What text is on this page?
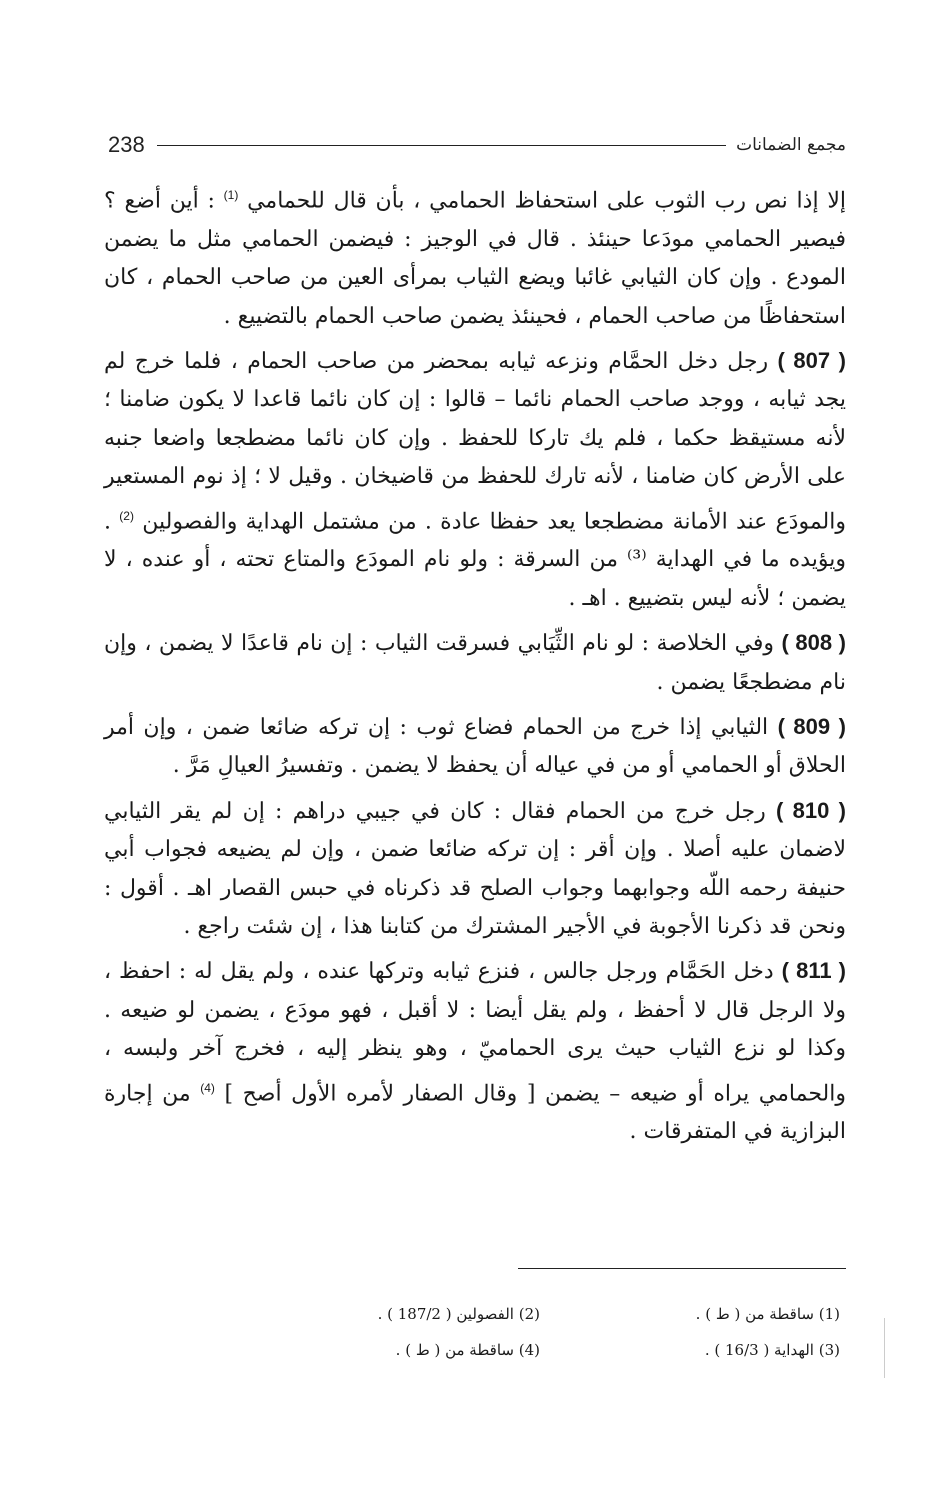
238	مجمع الضمانات

إلا إذا نص رب الثوب على استحفاظ الحمامي ، بأن قال للحمامي $^{(1)}$ : أين أضع ؟ فيصير الحمامي مودَعا حينئذ . قال في الوجيز : فيضمن الحمامي مثل ما يضمن المودع . وإن كان الثيابي غائبا ويضع الثياب بمرأى العين من صاحب الحمام ، كان استحفاظًا من صاحب الحمام ، فحينئذ يضمن صاحب الحمام بالتضييع .

( 807 ) رجل دخل الحمَّام ونزعه ثيابه بمحضر من صاحب الحمام ، فلما خرج لم يجد ثيابه ، ووجد صاحب الحمام نائما – قالوا : إن كان نائما قاعدا لا يكون ضامنا ؛ لأنه مستيقظ حكما ، فلم يك تاركا للحفظ . وإن كان نائما مضطجعا واضعا جنبه على الأرض كان ضامنا ، لأنه تارك للحفظ من قاضيخان . وقيل لا ؛ إذ نوم المستعير والمودَع عند الأمانة مضطجعا يعد حفظا عادة . من مشتمل الهداية والفصولين $^{(2)}$ . ويؤيده ما في الهداية ⁽³⁾ من السرقة : ولو نام المودَع والمتاع تحته ، أو عنده ، لا يضمن ؛ لأنه ليس بتضييع . اهـ .

( 808 ) وفي الخلاصة : لو نام الثِّيَابي فسرقت الثياب : إن نام قاعدًا لا يضمن ، وإن نام مضطجعًا يضمن .

( 809 ) الثيابي إذا خرج من الحمام فضاع ثوب : إن تركه ضائعا ضمن ، وإن أمر الحلاق أو الحمامي أو من في عياله أن يحفظ لا يضمن . وتفسيرُ العيالِ مَرَّ .

( 810 ) رجل خرج من الحمام فقال : كان في جيبي دراهم : إن لم يقر الثيابي لاضمان عليه أصلا . وإن أقر : إن تركه ضائعا ضمن ، وإن لم يضيعه فجواب أبي حنيفة رحمه اللّه وجوابهما وجواب الصلح قد ذكرناه في حبس القصار اهـ . أقول : ونحن قد ذكرنا الأجوبة في الأجير المشترك من كتابنا هذا ، إن شئت راجع .

( 811 ) دخل الحَمَّام ورجل جالس ، فنزع ثيابه وتركها عنده ، ولم يقل له : احفظ ، ولا الرجل قال لا أحفظ ، ولم يقل أيضا : لا أقبل ، فهو مودَع ، يضمن لو ضيعه . وكذا لو نزع الثياب حيث يرى الحماميّ ، وهو ينظر إليه ، فخرج آخر ولبسه ، والحمامي يراه أو ضيعه – يضمن [ وقال الصفار لأمره الأول أصح ] $^{(4)}$ من إجارة البزازية في المتفرقات .

(1) ساقطة من ( ط ) .
(2) الفصولين ( 187/2 ) .
(3) الهداية ( 16/3 ) .
(4) ساقطة من ( ط ) .
